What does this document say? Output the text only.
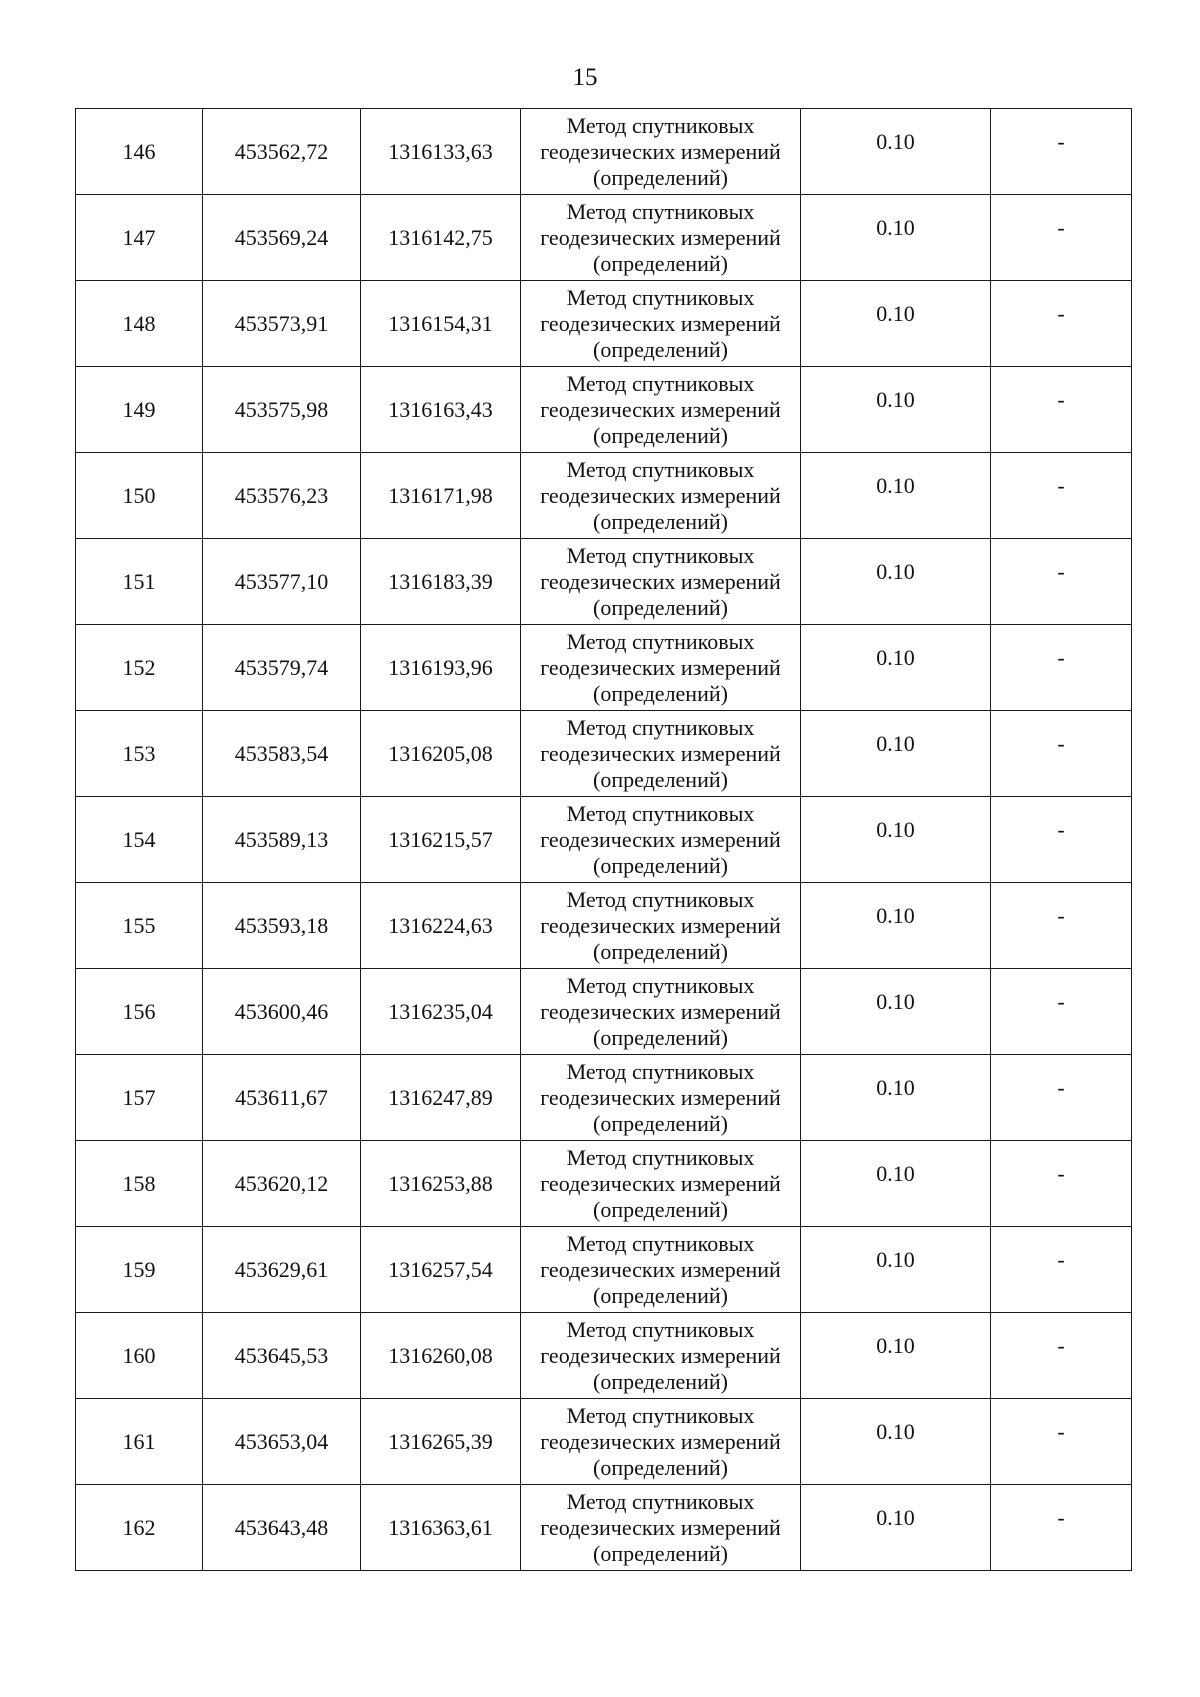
15
146	453562,72	1316133,63	Метод спутниковых
геодезических измерений
(определений)	0.10	-
147	453569,24	1316142,75	Метод спутниковых
геодезических измерений
(определений)	0.10	-
148	453573,91	1316154,31	Метод спутниковых
геодезических измерений
(определений)	0.10	-
149	453575,98	1316163,43	Метод спутниковых
геодезических измерений
(определений)	0.10	-
150	453576,23	1316171,98	Метод спутниковых
геодезических измерений
(определений)	0.10	-
151	453577,10	1316183,39	Метод спутниковых
геодезических измерений
(определений)	0.10	-
152	453579,74	1316193,96	Метод спутниковых
геодезических измерений
(определений)	0.10	-
153	453583,54	1316205,08	Метод спутниковых
геодезических измерений
(определений)	0.10	-
154	453589,13	1316215,57	Метод спутниковых
геодезических измерений
(определений)	0.10	-
155	453593,18	1316224,63	Метод спутниковых
геодезических измерений
(определений)	0.10	-
156	453600,46	1316235,04	Метод спутниковых
геодезических измерений
(определений)	0.10	-
157	453611,67	1316247,89	Метод спутниковых
геодезических измерений
(определений)	0.10	-
158	453620,12	1316253,88	Метод спутниковых
геодезических измерений
(определений)	0.10	-
159	453629,61	1316257,54	Метод спутниковых
геодезических измерений
(определений)	0.10	-
160	453645,53	1316260,08	Метод спутниковых
геодезических измерений
(определений)	0.10	-
161	453653,04	1316265,39	Метод спутниковых
геодезических измерений
(определений)	0.10	-
162	453643,48	1316363,61	Метод спутниковых
геодезических измерений
(определений)	0.10	-
